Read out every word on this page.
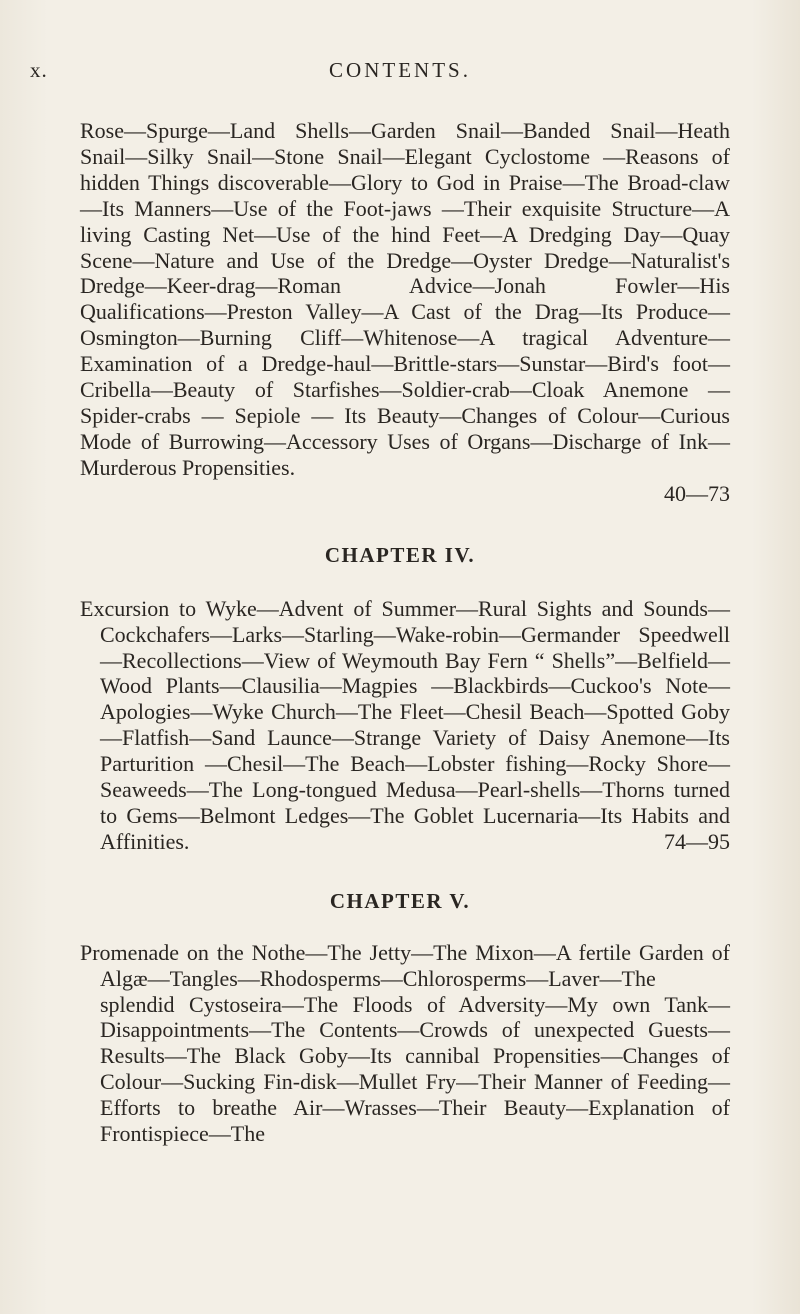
x.	CONTENTS.

Rose—Spurge—Land Shells—Garden Snail—Banded Snail—Heath Snail—Silky Snail—Stone Snail—Elegant Cyclostome —Reasons of hidden Things discoverable—Glory to God in Praise—The Broad-claw—Its Manners—Use of the Foot-jaws —Their exquisite Structure—A living Casting Net—Use of the hind Feet—A Dredging Day—Quay Scene—Nature and Use of the Dredge—Oyster Dredge—Naturalist's Dredge—Keer-drag—Roman Advice—Jonah Fowler—His Qualifications—Preston Valley—A Cast of the Drag—Its Produce—Osmington—Burning Cliff—Whitenose—A tragical Adventure—Examination of a Dredge-haul—Brittle-stars—Sunstar—Bird's foot—Cribella—Beauty of Starfishes—Soldier-crab—Cloak Anemone — Spider-crabs — Sepiole — Its Beauty—Changes of Colour—Curious Mode of Burrowing—Accessory Uses of Organs—Discharge of Ink—Murderous Propensities.

40—73
CHAPTER IV.

Excursion to Wyke—Advent of Summer—Rural Sights and Sounds—Cockchafers—Larks—Starling—Wake-robin—Germander Speedwell—Recollections—View of Weymouth Bay Fern “ Shells”—Belfield—Wood Plants—Clausilia—Magpies —Blackbirds—Cuckoo's Note—Apologies—Wyke Church—The Fleet—Chesil Beach—Spotted Goby—Flatfish—Sand Launce—Strange Variety of Daisy Anemone—Its Parturition —Chesil—The Beach—Lobster fishing—Rocky Shore—Seaweeds—The Long-tongued Medusa—Pearl-shells—Thorns turned to Gems—Belmont Ledges—The Goblet Lucernaria—Its Habits and Affinities.	74—95

CHAPTER V.

Promenade on the Nothe—The Jetty—The Mixon—A fertile Garden of Algæ—Tangles—Rhodosperms—Chlorosperms—Laver—The splendid Cystoseira—The Floods of Adversity—My own Tank—Disappointments—The Contents—Crowds of unexpected Guests—Results—The Black Goby—Its cannibal Propensities—Changes of Colour—Sucking Fin-disk—Mullet Fry—Their Manner of Feeding—Efforts to breathe Air—Wrasses—Their Beauty—Explanation of Frontispiece—The
